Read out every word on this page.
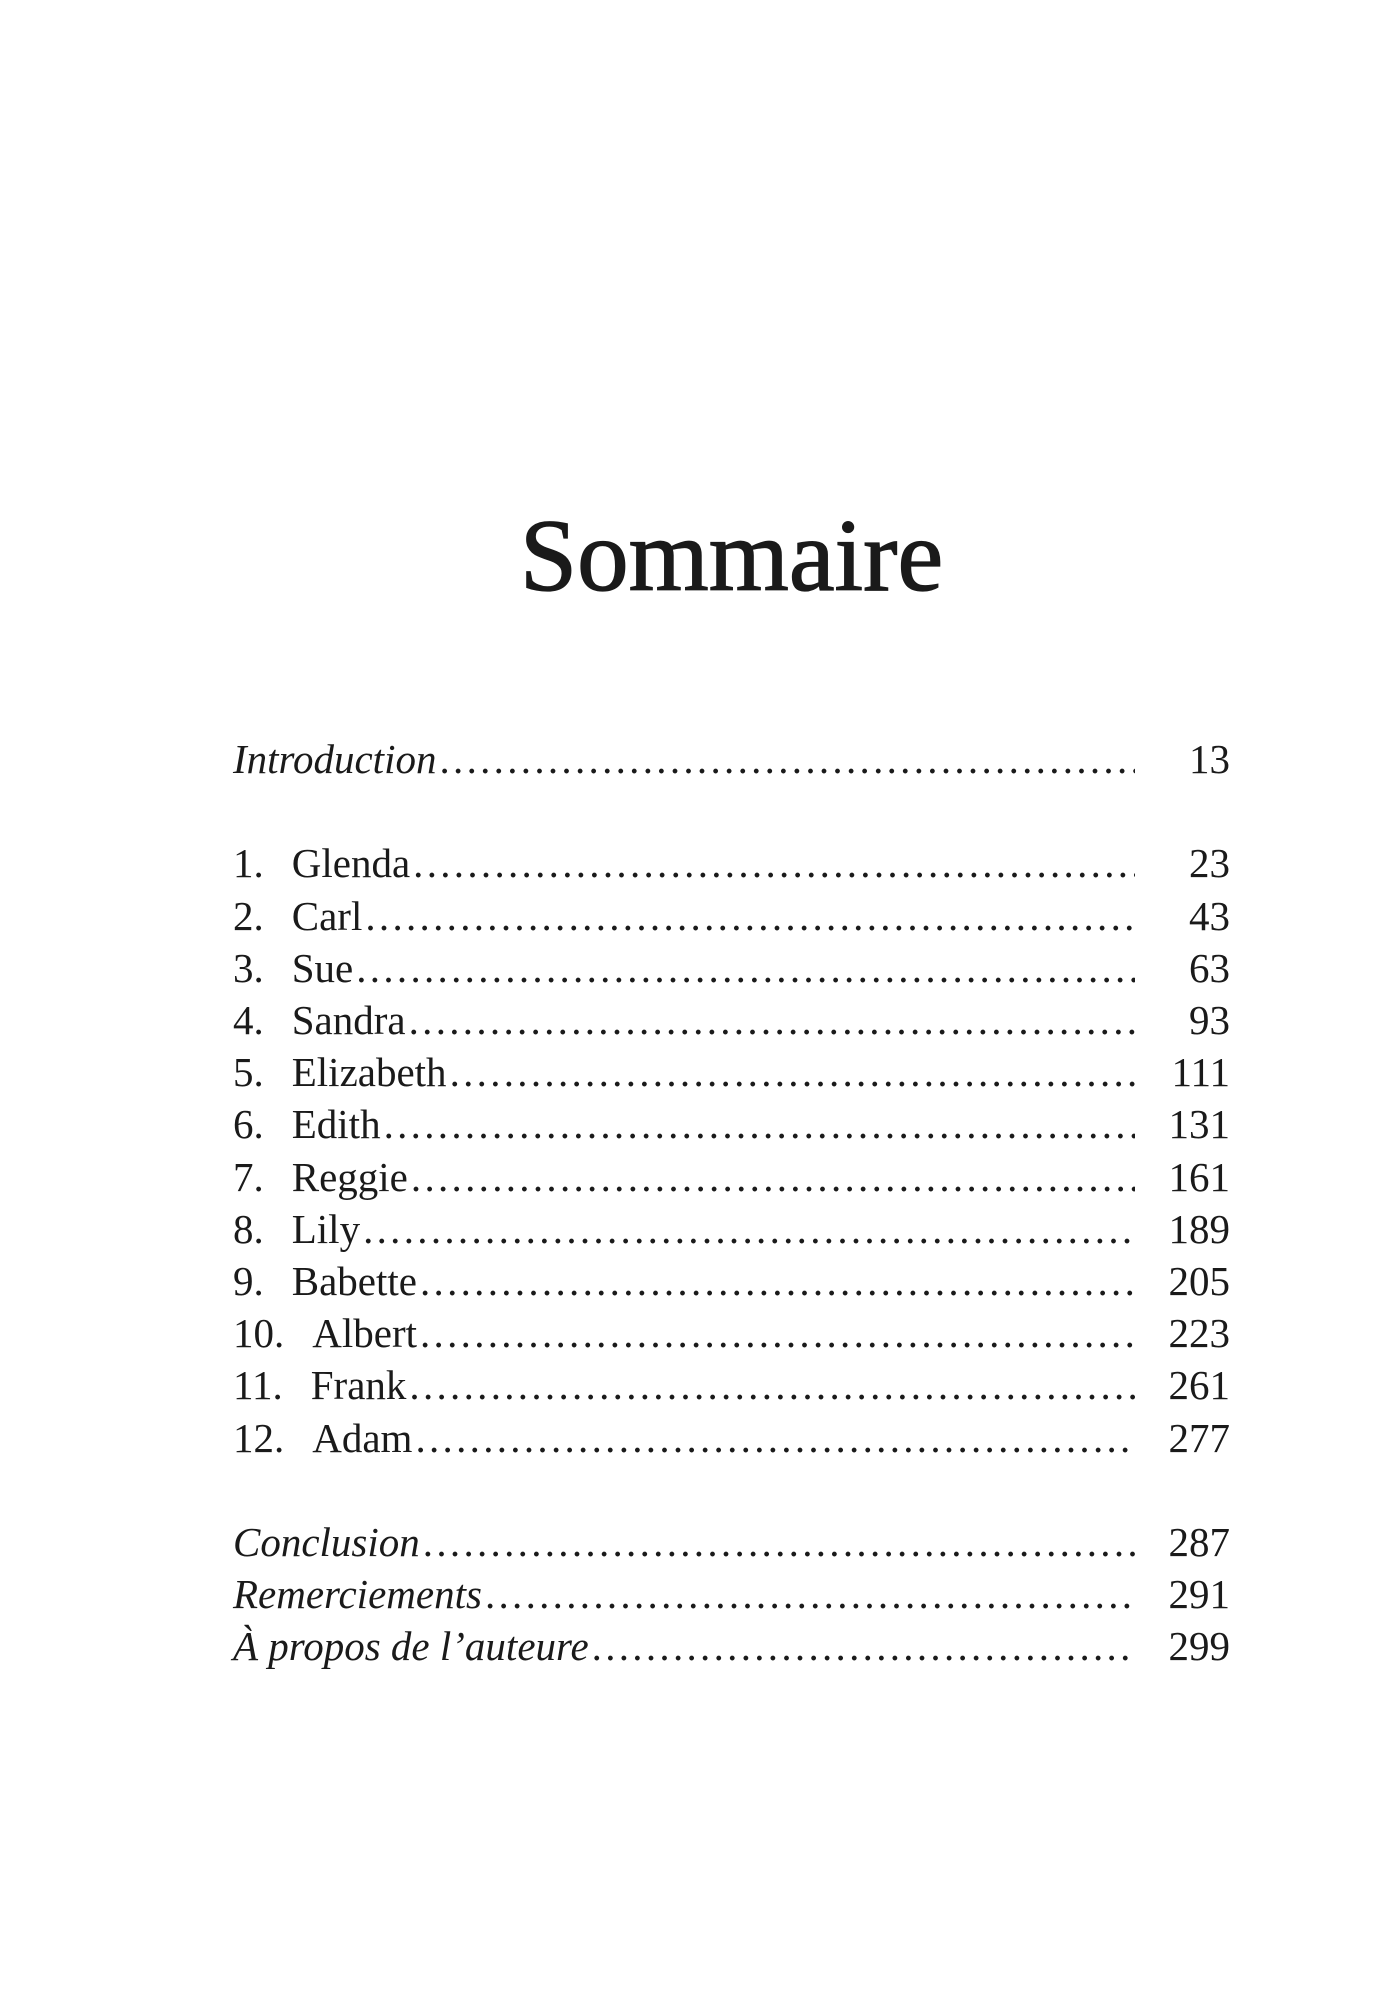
Sommaire
Introduction .....	13
1. Glenda .....	23
2. Carl .....	43
3. Sue .....	63
4. Sandra .....	93
5. Elizabeth .....	111
6. Edith .....	131
7. Reggie .....	161
8. Lily .....	189
9. Babette .....	205
10. Albert .....	223
11. Frank .....	261
12. Adam .....	277
Conclusion .....	287
Remerciements .....	291
À propos de l’auteure .....	299
